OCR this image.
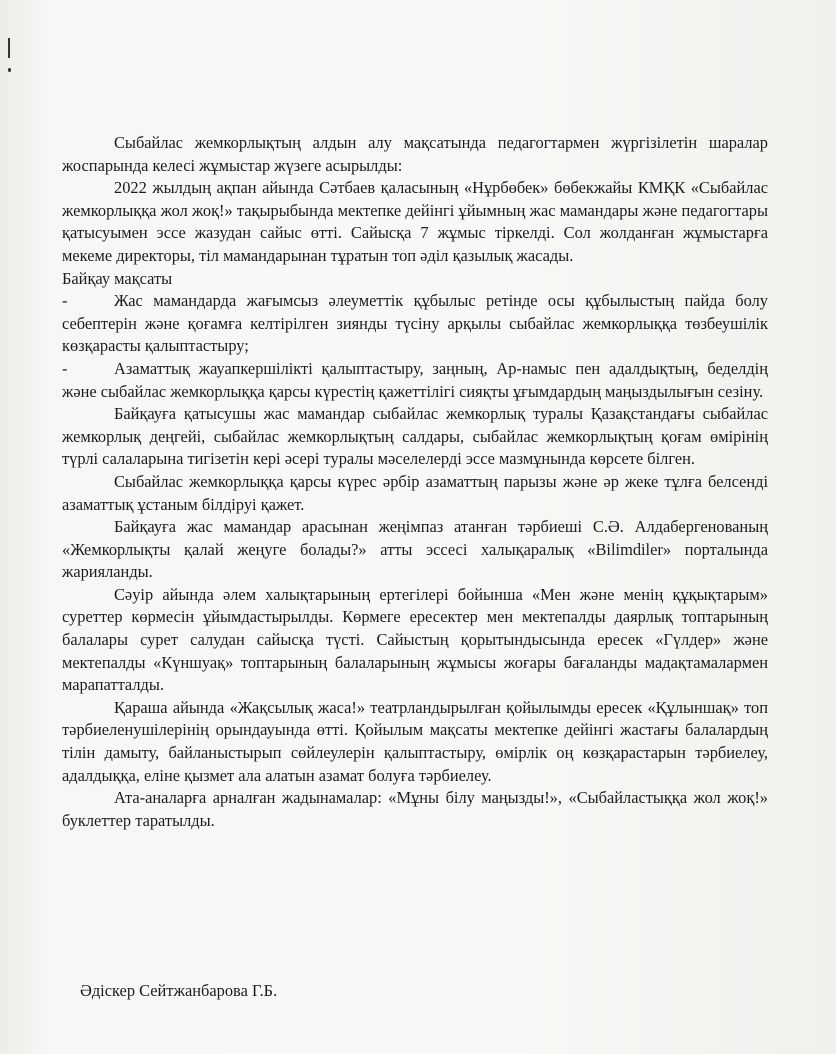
Сыбайлас жемкорлықтың алдын алу мақсатында педагогтармен жүргізілетін шаралар жоспарында келесі жұмыстар жүзеге асырылды:

2022 жылдың ақпан айында Сәтбаев қаласының «Нұрбөбек» бөбекжайы КМҚК «Сыбайлас жемкорлыққа жол жоқ!» тақырыбында мектепке дейінгі ұйымның жас мамандары және педагогтары қатысуымен эссе жазудан сайыс өтті. Сайысқа 7 жұмыс тіркелді. Сол жолданған жұмыстарға мекеме директоры, тіл мамандарынан тұратын топ әділ қазылық жасады.

Байқау мақсаты

-	Жас мамандарда жағымсыз әлеуметтік құбылыс ретінде осы құбылыстың пайда болу себептерін және қоғамға келтірілген зиянды түсіну арқылы сыбайлас жемкорлыққа төзбеушілік көзқарасты қалыптастыру;

-	Азаматтық жауапкершілікті қалыптастыру, заңның, Ар-намыс пен адалдықтың, беделдің және сыбайлас жемкорлыққа қарсы күрестің қажеттілігі сияқты ұғымдардың маңыздылығын сезіну.

Байқауға қатысушы жас мамандар сыбайлас жемкорлық туралы Қазақстандағы сыбайлас жемкорлық деңгейі, сыбайлас жемкорлықтың салдары, сыбайлас жемкорлықтың қоғам өмірінің түрлі салаларына тигізетін кері әсері туралы мәселелерді эссе мазмұнында көрсете білген.

Сыбайлас жемкорлыққа қарсы күрес әрбір азаматтың парызы және әр жеке тұлға белсенді азаматтық ұстаным білдіруі қажет.

Байқауға жас мамандар арасынан жеңімпаз атанған тәрбиеші С.Ә. Алдабергенованың «Жемкорлықты қалай жеңуге болады?» атты эссесі халықаралық «Bilimdiler» порталында жарияланды.

Сәуір айында әлем халықтарының ертегілері бойынша «Мен және менің құқықтарым» суреттер көрмесін ұйымдастырылды. Көрмеге ересектер мен мектепалды даярлық топтарының балалары сурет салудан сайысқа түсті. Сайыстың қорытындысында ересек «Гүлдер» және мектепалды «Күншуақ» топтарының балаларының жұмысы жоғары бағаланды мадақтамалармен марапатталды.

Қараша айында «Жақсылық жаса!» театрландырылған қойылымды ересек «Құлыншақ» топ тәрбиеленушілерінің орындауында өтті. Қойылым мақсаты мектепке дейінгі жастағы балалардың тілін дамыту, байланыстырып сөйлеулерін қалыптастыру, өмірлік оң көзқарастарын тәрбиелеу, адалдыққа, еліне қызмет ала алатын азамат болуға тәрбиелеу.

Ата-аналарға арналған жадынамалар: «Мұны білу маңызды!», «Сыбайластыққа жол жоқ!» буклеттер таратылды.

Әдіскер Сейтжанбарова Г.Б.
